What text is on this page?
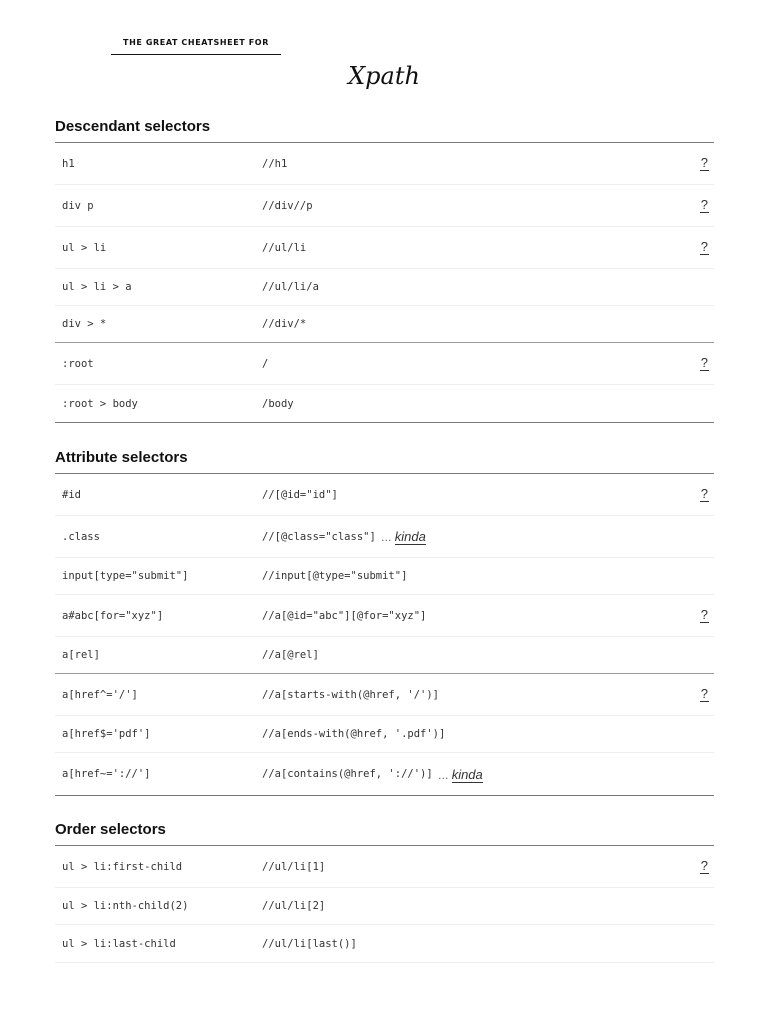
THE GREAT CHEATSHEET FOR
Xpath
Descendant selectors
h1	//h1	?
div p	//div//p	?
ul > li	//ul/li	?
ul > li > a	//ul/li/a
div > *	//div/*
:root	/	?
:root > body	/body
Attribute selectors
#id	//[@id="id"]	?
.class	//[@class="class"] … kinda
input[type="submit"]	//input[@type="submit"]
a#abc[for="xyz"]	//a[@id="abc"][@for="xyz"]	?
a[rel]	//a[@rel]
a[href^='/']	//a[starts-with(@href, '/')]	?
a[href$='pdf']	//a[ends-with(@href, '.pdf')]
a[href~='://']	//a[contains(@href, '://')] … kinda
Order selectors
ul > li:first-child	//ul/li[1]	?
ul > li:nth-child(2)	//ul/li[2]
ul > li:last-child	//ul/li[last()]
